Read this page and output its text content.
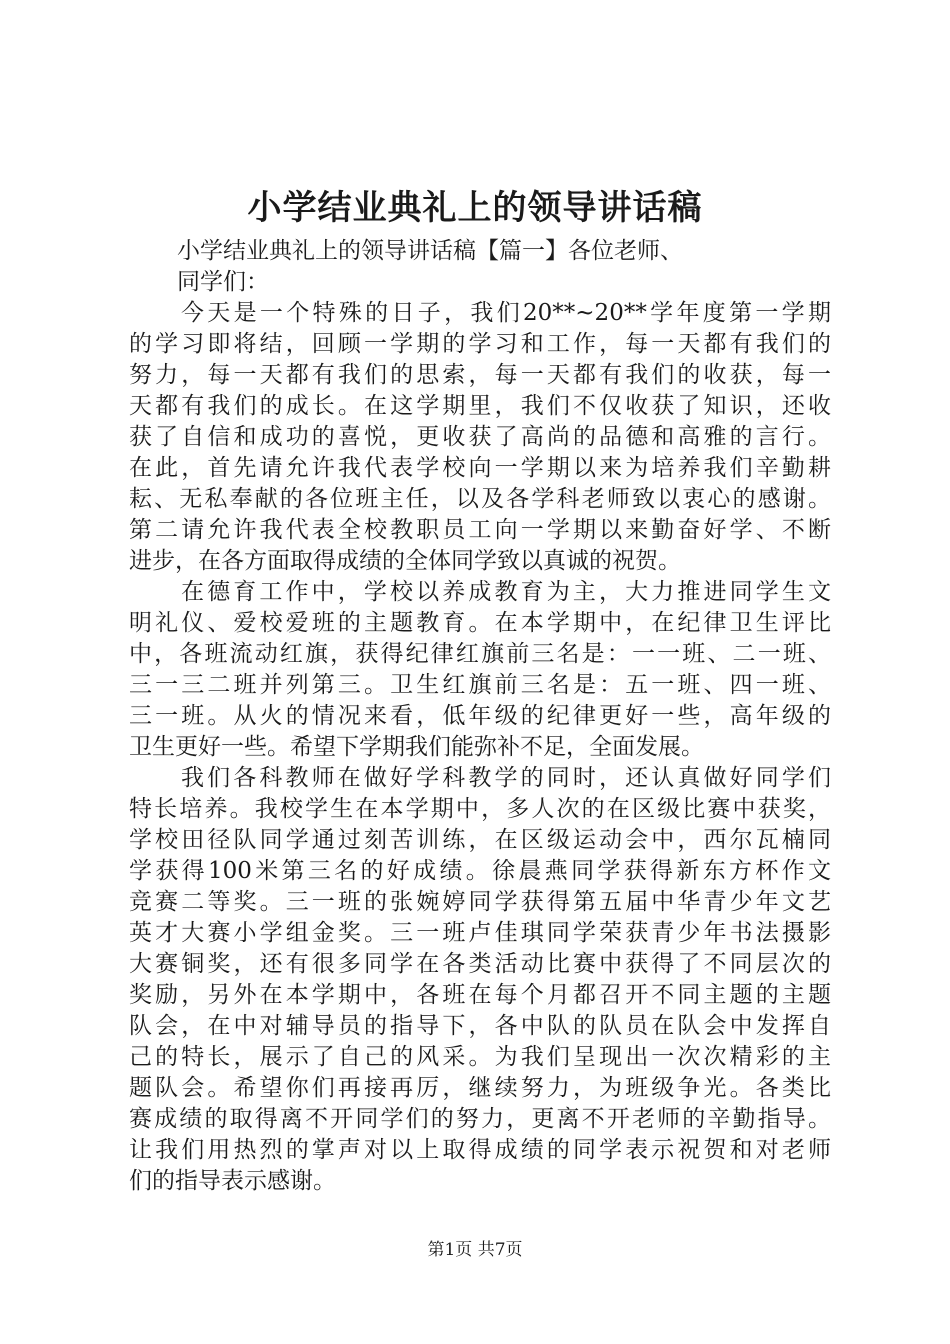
小学结业典礼上的领导讲话稿
小学结业典礼上的领导讲话稿【篇一】各位老师、
同学们：
今天是一个特殊的日子，我们20**~20**学年度第一学期
的学习即将结，回顾一学期的学习和工作，每一天都有我们的
努力，每一天都有我们的思索，每一天都有我们的收获，每一
天都有我们的成长。在这学期里，我们不仅收获了知识，还收
获了自信和成功的喜悦，更收获了高尚的品德和高雅的言行。
在此，首先请允许我代表学校向一学期以来为培养我们辛勤耕
耘、无私奉献的各位班主任，以及各学科老师致以衷心的感谢。
第二请允许我代表全校教职员工向一学期以来勤奋好学、不断
进步，在各方面取得成绩的全体同学致以真诚的祝贺。
在德育工作中，学校以养成教育为主，大力推进同学生文
明礼仪、爱校爱班的主题教育。在本学期中，在纪律卫生评比
中，各班流动红旗，获得纪律红旗前三名是：一一班、二一班、
三一三二班并列第三。卫生红旗前三名是：五一班、四一班、
三一班。从火的情况来看，低年级的纪律更好一些，高年级的
卫生更好一些。希望下学期我们能弥补不足，全面发展。
我们各科教师在做好学科教学的同时，还认真做好同学们
特长培养。我校学生在本学期中，多人次的在区级比赛中获奖，
学校田径队同学通过刻苦训练，在区级运动会中，西尔瓦楠同
学获得100米第三名的好成绩。徐晨燕同学获得新东方杯作文
竞赛二等奖。三一班的张婉婷同学获得第五届中华青少年文艺
英才大赛小学组金奖。三一班卢佳琪同学荣获青少年书法摄影
大赛铜奖，还有很多同学在各类活动比赛中获得了不同层次的
奖励，另外在本学期中，各班在每个月都召开不同主题的主题
队会，在中对辅导员的指导下，各中队的队员在队会中发挥自
己的特长，展示了自己的风采。为我们呈现出一次次精彩的主
题队会。希望你们再接再厉，继续努力，为班级争光。各类比
赛成绩的取得离不开同学们的努力，更离不开老师的辛勤指导。
让我们用热烈的掌声对以上取得成绩的同学表示祝贺和对老师
们的指导表示感谢。
第1页 共7页
